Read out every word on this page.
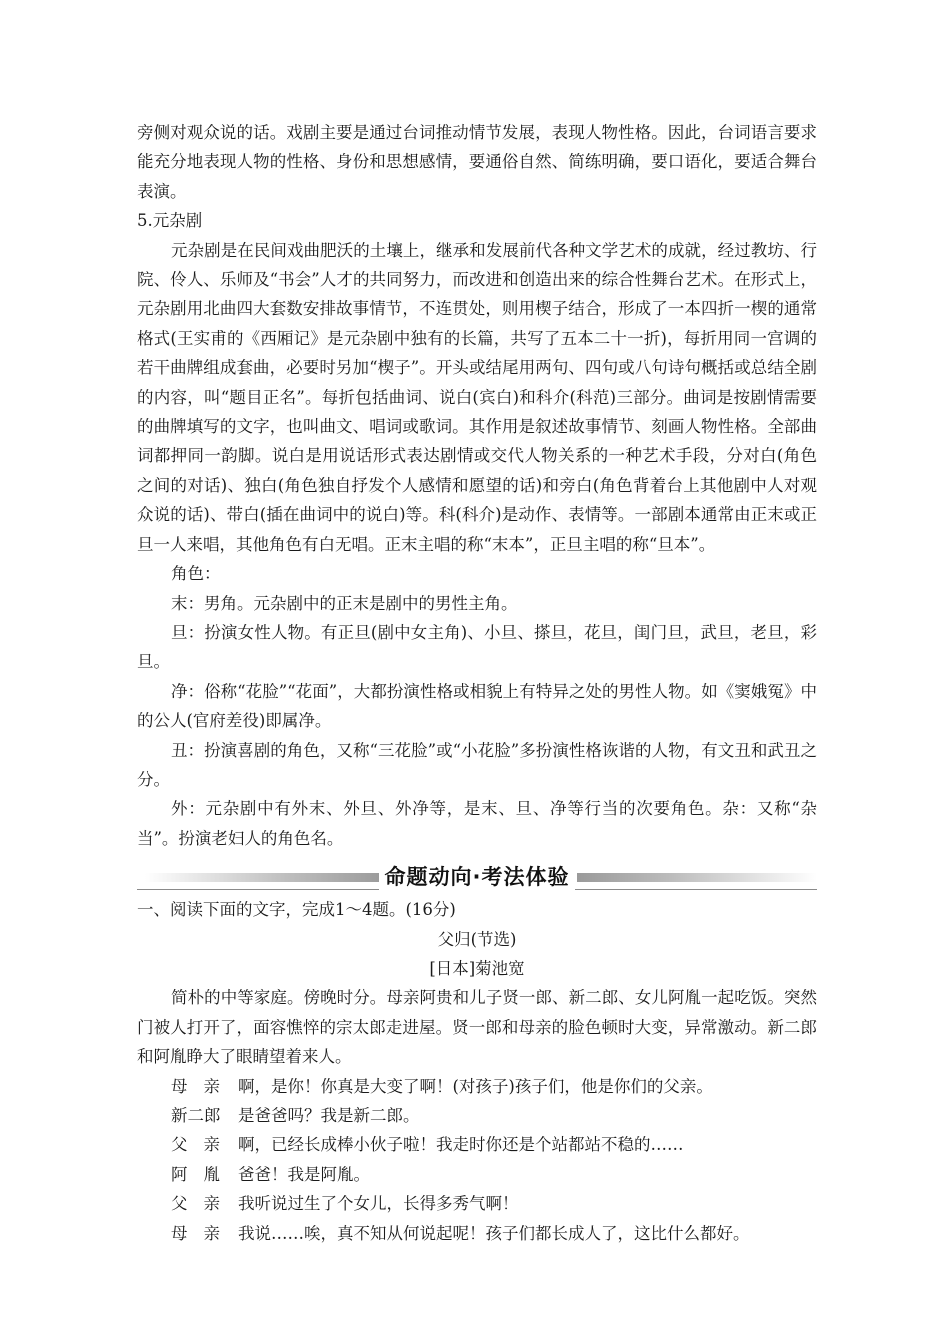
旁侧对观众说的话。戏剧主要是通过台词推动情节发展，表现人物性格。因此，台词语言要求能充分地表现人物的性格、身份和思想感情，要通俗自然、简练明确，要口语化，要适合舞台表演。

5.元杂剧

元杂剧是在民间戏曲肥沃的土壤上，继承和发展前代各种文学艺术的成就，经过教坊、行院、伶人、乐师及“书会”人才的共同努力，而改进和创造出来的综合性舞台艺术。在形式上，元杂剧用北曲四大套数安排故事情节，不连贯处，则用楔子结合，形成了一本四折一楔的通常格式(王实甫的《西厢记》是元杂剧中独有的长篇，共写了五本二十一折)，每折用同一宫调的若干曲牌组成套曲，必要时另加“楔子”。开头或结尾用两句、四句或八句诗句概括或总结全剧的内容，叫“题目正名”。每折包括曲词、说白(宾白)和科介(科范)三部分。曲词是按剧情需要的曲牌填写的文字，也叫曲文、唱词或歌词。其作用是叙述故事情节、刻画人物性格。全部曲词都押同一韵脚。说白是用说话形式表达剧情或交代人物关系的一种艺术手段，分对白(角色之间的对话)、独白(角色独自抒发个人感情和愿望的话)和旁白(角色背着台上其他剧中人对观众说的话)、带白(插在曲词中的说白)等。科(科介)是动作、表情等。一部剧本通常由正末或正旦一人来唱，其他角色有白无唱。正末主唱的称“末本”，正旦主唱的称“旦本”。

角色：

末：男角。元杂剧中的正末是剧中的男性主角。

旦：扮演女性人物。有正旦(剧中女主角)、小旦、搽旦，花旦，闺门旦，武旦，老旦，彩旦。

净：俗称“花脸”“花面”，大都扮演性格或相貌上有特异之处的男性人物。如《窦娥冤》中的公人(官府差役)即属净。

丑：扮演喜剧的角色，又称“三花脸”或“小花脸”多扮演性格诙谐的人物，有文丑和武丑之分。

外：元杂剧中有外末、外旦、外净等，是末、旦、净等行当的次要角色。杂：又称“杂当”。扮演老妇人的角色名。

命题动向·考法体验

一、阅读下面的文字，完成1～4题。(16分)

父归(节选)

[日本]菊池宽

简朴的中等家庭。傍晚时分。母亲阿贵和儿子贤一郎、新二郎、女儿阿胤一起吃饭。突然门被人打开了，面容憔悴的宗太郎走进屋。贤一郎和母亲的脸色顿时大变，异常激动。新二郎和阿胤睁大了眼睛望着来人。

母亲 啊，是你！你真是大变了啊！(对孩子)孩子们，他是你们的父亲。
新二郎	是爸爸吗？我是新二郎。
父亲 啊，已经长成棒小伙子啦！我走时你还是个站都站不稳的……
阿胤 爸爸！我是阿胤。
父亲 我听说过生了个女儿，长得多秀气啊！
母亲 我说……唉，真不知从何说起呢！孩子们都长成人了，这比什么都好。
